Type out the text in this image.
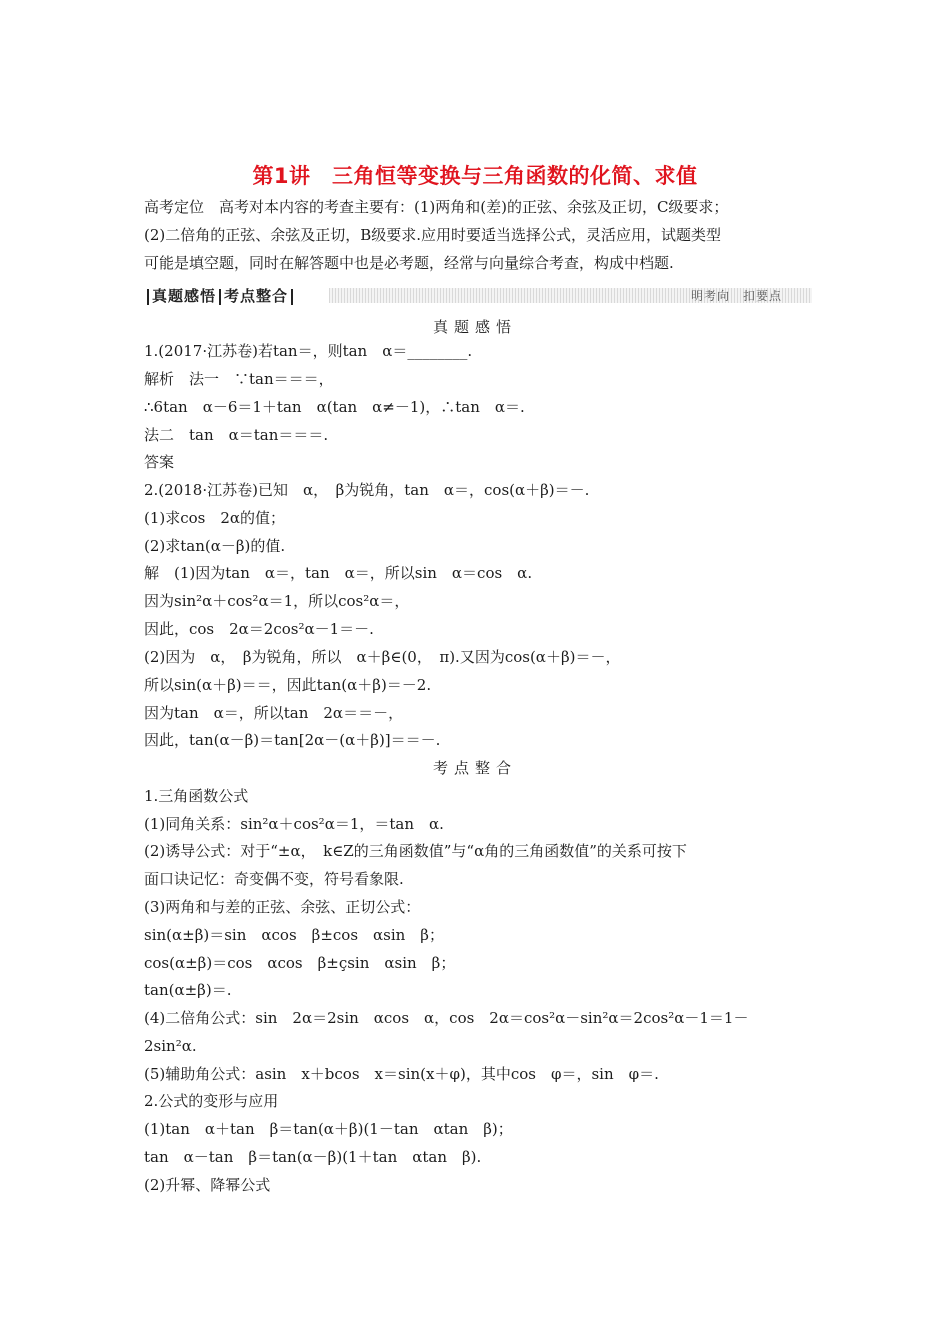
第1讲　三角恒等变换与三角函数的化简、求值
高考定位　高考对本内容的考查主要有：(1)两角和(差)的正弦、余弦及正切，C级要求；
(2)二倍角的正弦、余弦及正切，B级要求.应用时要适当选择公式，灵活应用，试题类型
可能是填空题，同时在解答题中也是必考题，经常与向量综合考查，构成中档题.
真题感悟 考点整合	明考向　扣要点
真题感悟
1.(2017·江苏卷)若tan＝，则tan　α＝________.
解析　法一　∵tan＝＝＝，
∴6tan　α－6＝1＋tan　α(tan　α≠－1)，∴tan　α＝.
法二　tan　α＝tan＝＝＝.
答案
2.(2018·江苏卷)已知　α，　β为锐角，tan　α＝，cos(α＋β)＝－.
(1)求cos　2α的值；
(2)求tan(α－β)的值.
解　(1)因为tan　α＝，tan　α＝，所以sin　α＝cos　α.
因为sin²α＋cos²α＝1，所以cos²α＝，
因此，cos　2α＝2cos²α－1＝－.
(2)因为　α，　β为锐角，所以　α＋β∈(0，　π).又因为cos(α＋β)＝－，
所以sin(α＋β)＝＝，因此tan(α＋β)＝－2.
因为tan　α＝，所以tan　2α＝＝－，
因此，tan(α－β)＝tan[2α－(α＋β)]＝＝－.
考点整合
1.三角函数公式
(1)同角关系：sin²α＋cos²α＝1，＝tan　α.
(2)诱导公式：对于“±α，　k∈Z的三角函数值”与“α角的三角函数值”的关系可按下
面口诀记忆：奇变偶不变，符号看象限.
(3)两角和与差的正弦、余弦、正切公式：
sin(α±β)＝sin　αcos　β±cos　αsin　β；
cos(α±β)＝cos　αcos　β±çsin　αsin　β；
tan(α±β)＝.
(4)二倍角公式：sin　2α＝2sin　αcos　α，cos　2α＝cos²α－sin²α＝2cos²α－1＝1－
2sin²α.
(5)辅助角公式：asin　x＋bcos　x＝sin(x＋φ)，其中cos　φ＝，sin　φ＝.
2.公式的变形与应用
(1)tan　α＋tan　β＝tan(α＋β)(1－tan　αtan　β)；
tan　α－tan　β＝tan(α－β)(1＋tan　αtan　β).
(2)升幂、降幂公式
